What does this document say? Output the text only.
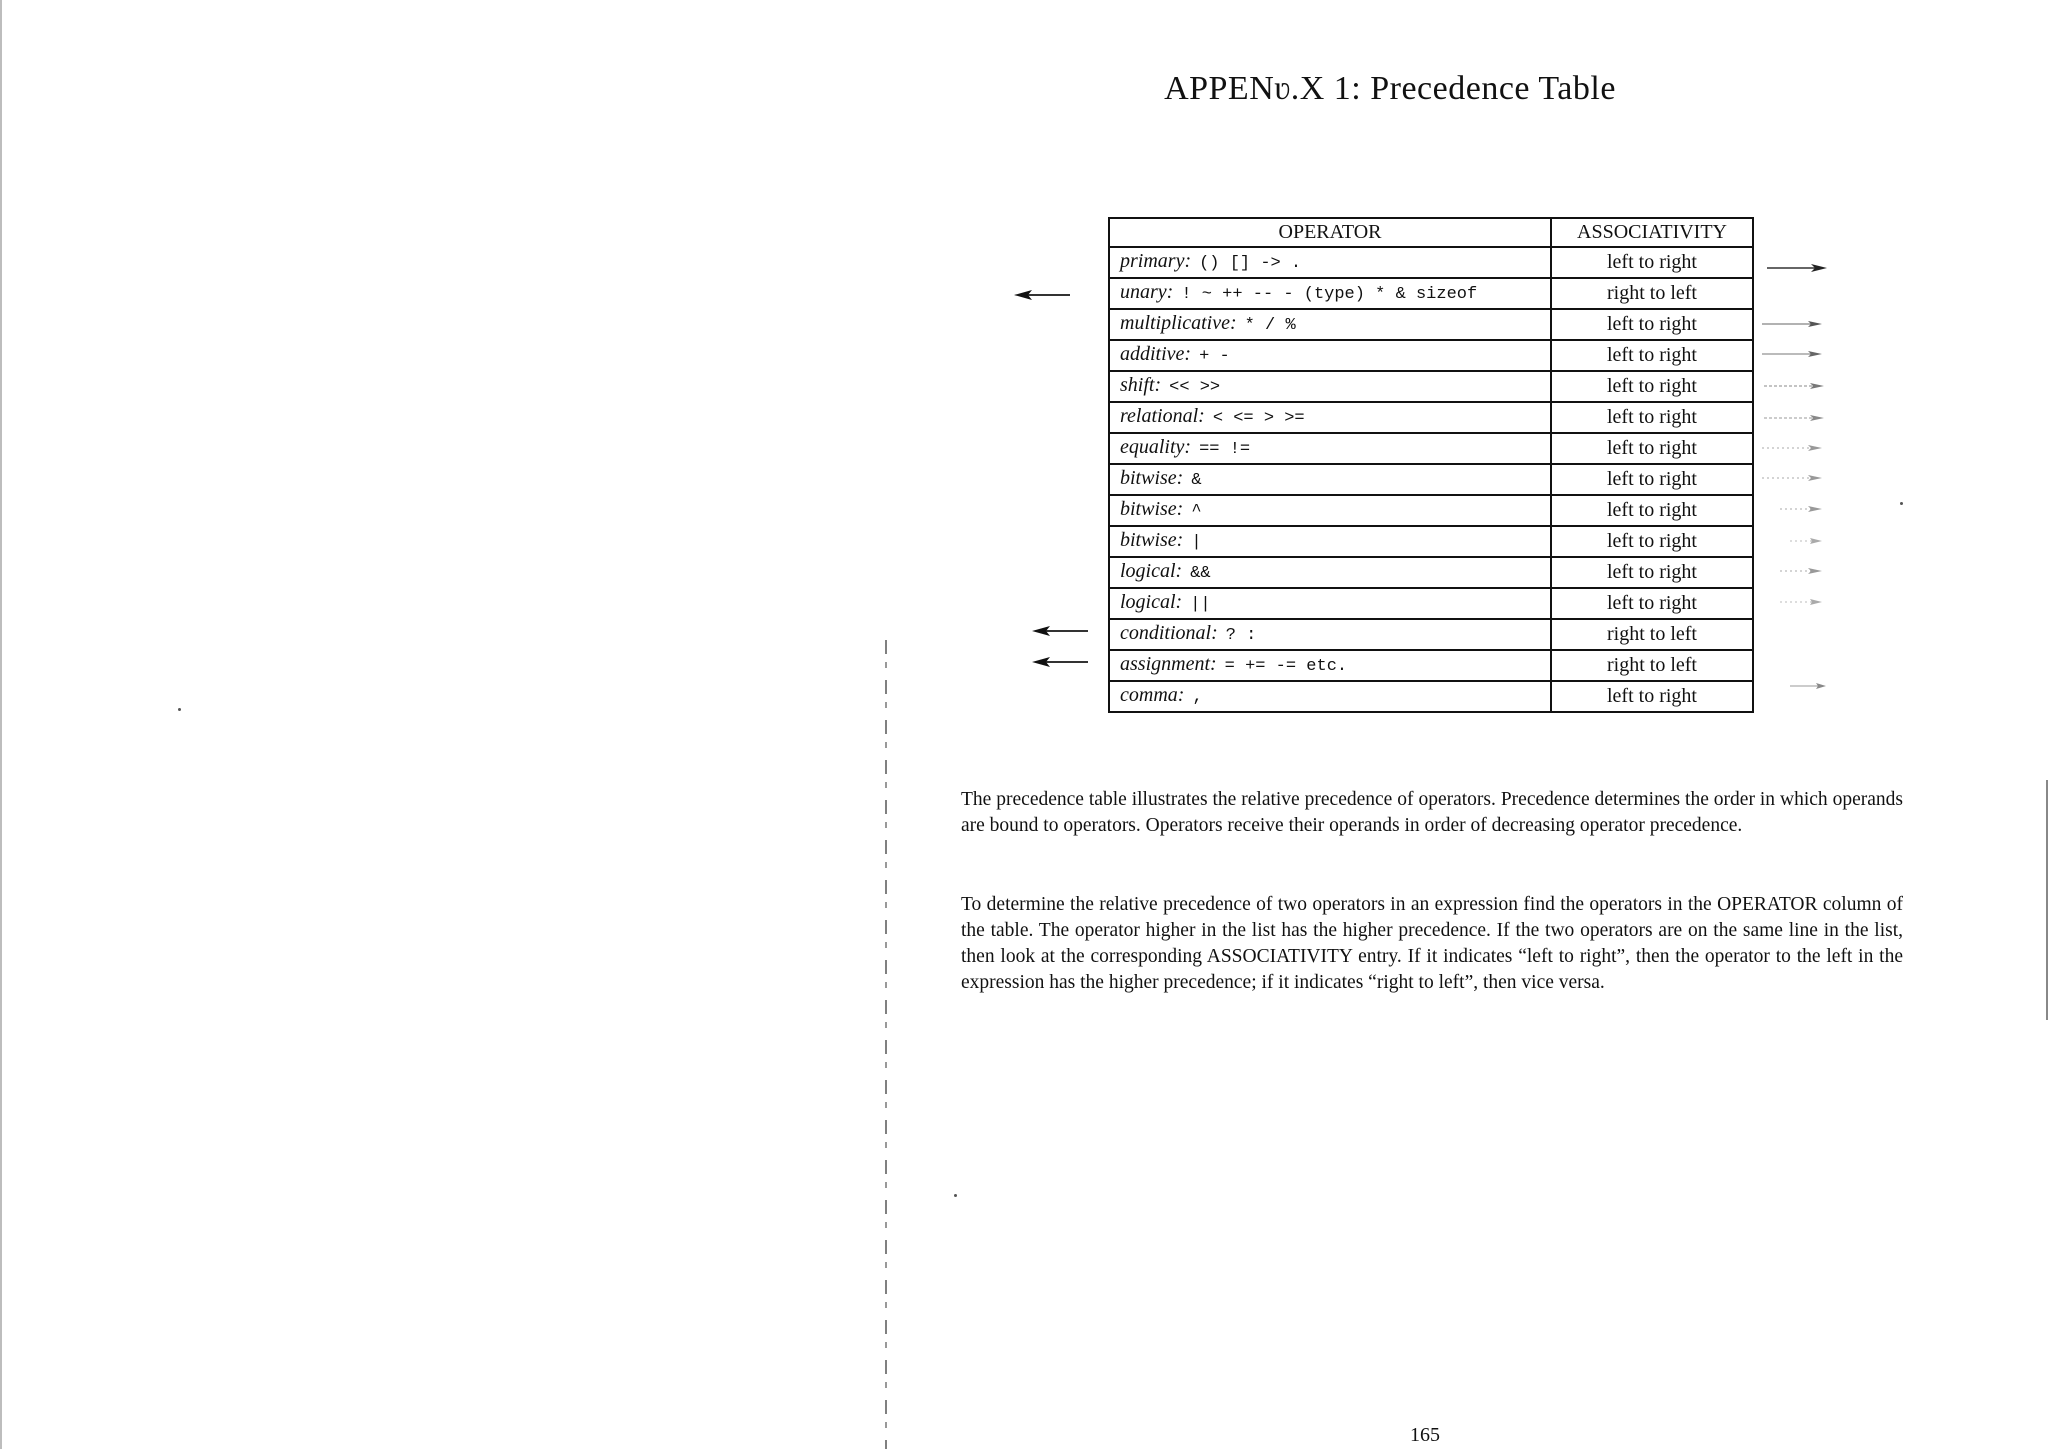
APPENʋ.X 1: Precedence Table
OPERATOR	ASSOCIATIVITY
primary: () [] -> .	left to right
unary: ! ~ ++ -- - (type) * & sizeof	right to left
multiplicative: * / %	left to right
additive: + -	left to right
shift: << >>	left to right
relational: < <= > >=	left to right
equality: == !=	left to right
bitwise: &	left to right
bitwise: ^	left to right
bitwise: |	left to right
logical: &&	left to right
logical: ||	left to right
conditional: ? :	right to left
assignment: = += -= etc.	right to left
comma: ,	left to right

The precedence table illustrates the relative precedence of operators. Precedence determines the order in which operands are bound to operators. Operators receive their operands in order of decreasing operator precedence.

To determine the relative precedence of two operators in an expression find the operators in the OPERATOR column of the table. The operator higher in the list has the higher precedence. If the two operators are on the same line in the list, then look at the corresponding ASSOCIATIVITY entry. If it indicates “left to right”, then the operator to the left in the expression has the higher precedence; if it indicates “right to left”, then vice versa.

165
